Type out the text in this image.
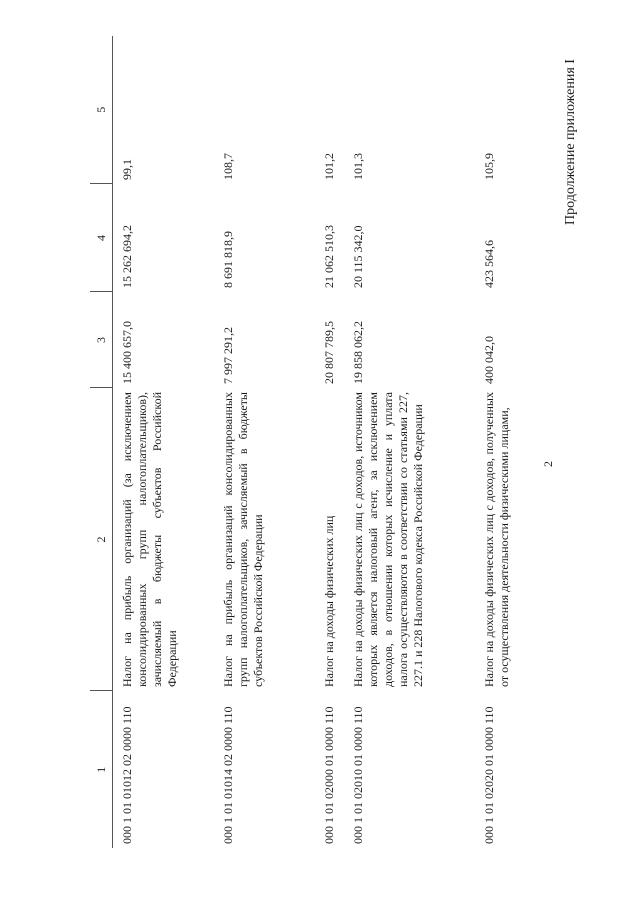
2
Продолжение приложения I
1	2	3	4	5
000 1 01 01012 02 0000 110	Налог на прибыль организаций (за исключением консолидированных групп налогоплательщиков), зачисляемый в бюджеты субъектов Российской Федерации	15 400 657,0	15 262 694,2	99,1
000 1 01 01014 02 0000 110	Налог на прибыль организаций консолидированных групп налогоплательщиков, зачисляемый в бюджеты субъектов Российской Федерации	7 997 291,2	8 691 818,9	108,7
000 1 01 02000 01 0000 110	Налог на доходы физических лиц	20 807 789,5	21 062 510,3	101,2
000 1 01 02010 01 0000 110	Налог на доходы физических лиц с доходов, источником которых является налоговый агент, за исключением доходов, в отношении которых исчисление и уплата налога осуществляются в соответствии со статьями 227, 227.1 и 228 Налогового кодекса Российской Федерации	19 858 062,2	20 115 342,0	101,3
000 1 01 02020 01 0000 110	Налог на доходы физических лиц с доходов, полученных от осуществления деятельности физическими лицами,	400 042,0	423 564,6	105,9
